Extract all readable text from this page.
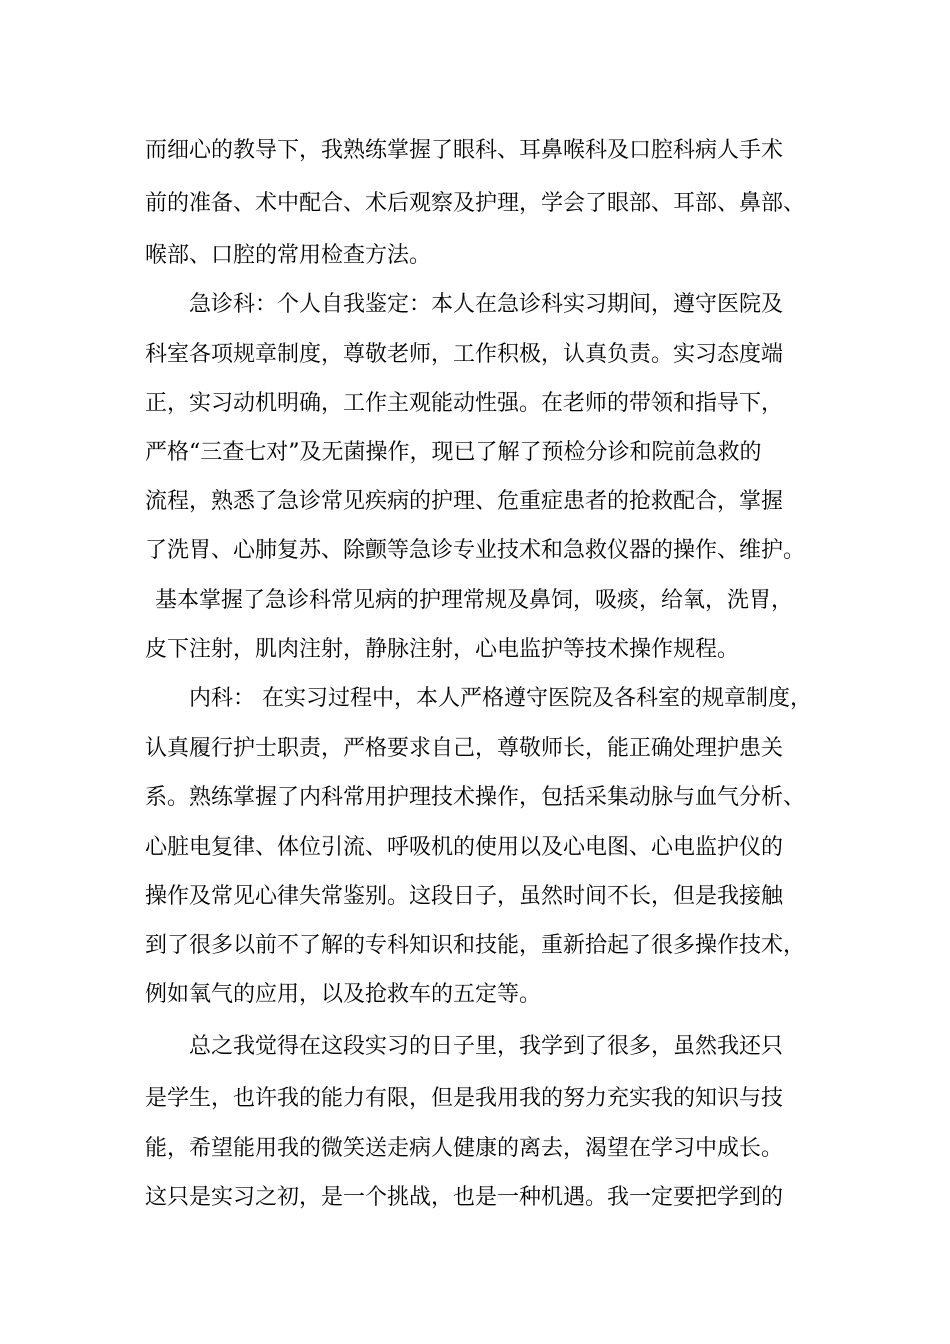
而细心的教导下，我熟练掌握了眼科、耳鼻喉科及口腔科病人手术

前的准备、术中配合、术后观察及护理，学会了眼部、耳部、鼻部、

喉部、口腔的常用检查方法。

急诊科：个人自我鉴定：本人在急诊科实习期间，遵守医院及

科室各项规章制度，尊敬老师，工作积极，认真负责。实习态度端

正，实习动机明确，工作主观能动性强。在老师的带领和指导下，

严格“三查七对”及无菌操作，现已了解了预检分诊和院前急救的

流程，熟悉了急诊常见疾病的护理、危重症患者的抢救配合，掌握

了洗胃、心肺复苏、除颤等急诊专业技术和急救仪器的操作、维护。

基本掌握了急诊科常见病的护理常规及鼻饲，吸痰，给氧，洗胃，

皮下注射，肌肉注射，静脉注射，心电监护等技术操作规程。

内科： 在实习过程中，本人严格遵守医院及各科室的规章制度，

认真履行护士职责，严格要求自己，尊敬师长，能正确处理护患关

系。熟练掌握了内科常用护理技术操作，包括采集动脉与血气分析、

心脏电复律、体位引流、呼吸机的使用以及心电图、心电监护仪的

操作及常见心律失常鉴别。这段日子，虽然时间不长，但是我接触

到了很多以前不了解的专科知识和技能，重新拾起了很多操作技术，

例如氧气的应用，以及抢救车的五定等。

总之我觉得在这段实习的日子里，我学到了很多，虽然我还只

是学生，也许我的能力有限，但是我用我的努力充实我的知识与技

能，希望能用我的微笑送走病人健康的离去，渴望在学习中成长。

这只是实习之初，是一个挑战，也是一种机遇。我一定要把学到的
